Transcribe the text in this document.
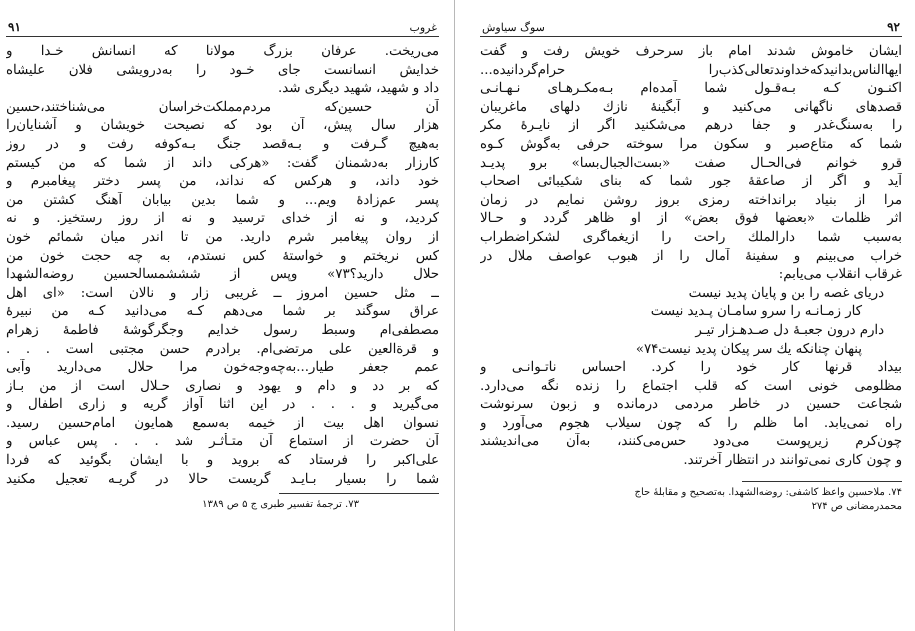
غروب
۹۱
می‌ریخت. عرفان بزرگ مولانا که انسانش خـدا و
خدایش انسانست جای خـود را به‌درویشی فلان علیشاه
داد و شهید، شهید دیگری شد.
آن حسین‌که مردم‌مملکت‌خراسان می‌شناختند،حسین
هزار سال پیش، آن بود که نصیحت خویشان و آشنایان‌را
به‌هیچ گـرفت و بـه‌قصد جنگ بـه‌کوفه رفت و در روز
کارزار به‌دشمنان گفت: «هرکی داند از شما که من کیستم
خود داند، و هرکس که نداند، من پسر دختر پیغامبرم و
پسر عم‌زادهٔ ویم... و شما بدین بیابان آهنگ کشتن من
کردید، و نه از خدای ترسید و نه از روز رستخیز. و نه
از روان پیغامبر شرم دارید. من تا اندر میان شمائم خون
کس نریختم و خواستهٔ کس نستدم، به چه حجت خون من
حلال دارید؟۷۳» وپس از شششمسالحسین روضه‌الشهدا
ــ مثل حسین امروز ــ غریبی زار و نالان است: «ای اهل
عراق سوگند بر شما می‌دهم کـه می‌دانید کـه من نبیرهٔ
مصطفی‌ام وسبط رسول خدایم وجگرگوشهٔ فاطمهٔ زهرام
و قرةالعین علی مرتضی‌ام. برادرم حسن مجتبی است . . .
عمم جعفر طیار...به‌چه‌وجه‌خون مرا حلال می‌دارید وآبی
که بر دد و دام و یهود و نصاری حـلال است از من بـاز
می‌گیرید و . . . در این اثنا آواز گریه و زاری اطفال و
نسوان اهل بیت از خیمه به‌سمع همایون امام‌حسین رسید.
آن حضرت از استماع آن متـأثـر شد . . . پس عباس و
علی‌اکبر را فرستاد که بروید و با ایشان بگوئید که فردا
شما را بسیار بـایـد گریست حالا در گریـه تعجیل مکنید
۷۳. ترجمهٔ تفسیر طبری ج ۵ ص ۱۳۸۹
۹۲
سوگ سیاوش
ایشان خاموش شدند امام باز سرحرف خویش رفت و گفت
ایهاالناس‌بدانیدکه‌خداوندتعالی‌کذب‌را حرام‌گردانیده...
اکنـون کـه بـه‌قـول شما آمده‌ام بـه‌مکـرهـای نـهـانـی
قصدهای ناگهانی می‌کنید و آبگینهٔ نازك دلهای ماغریبان
را به‌سنگ‌غدر و جفا درهم می‌شکنید اگر از نایـرهٔ مکر
شما که متاع‌صبر و سکون مرا سوخته حرفی به‌گوش کـوه
قرو خوانم فی‌الحـال صفت «بست‌الجبال‌بسا» برو پدیـد
آید و اگر از صاعقهٔ جور شما که بنای شکیبائی اصحاب
مرا از بنیاد برانداخته رمزی بروز روشن نمایم در زمان
اثر ظلمات «بعضها فوق بعض» از او ظاهر گردد و حـالا
به‌سبب شما دارالملك راحت را ازیغماگری لشکراضطراب
خراب می‌بینم و سفینهٔ آمال را از هبوب عواصف ملال در
غرقاب انقلاب می‌یابم:
دریای غصه را بن و پایان پدید نیست
کار زمـانـه را سرو سامـان پـدید نیست
دارم درون جعبـهٔ دل صـدهـزار تیـر
پنهان چنانکه یك سر پیکان پدید نیست۷۴»
بیداد قرنها کار خود را کرد. احساس ناتـوانـی و
مظلومی خونی است که قلب اجتماع را زنده نگه می‌دارد.
شجاعت حسین در خاطر مردمی درمانده و زبون سرنوشت
راه نمی‌یابد. اما ظلم را که چون سیلاب هجوم می‌آورد و
چون‌کرم زیرپوست می‌دود حس‌می‌کنند، به‌آن می‌اندیشند
و چون کاری نمی‌توانند در انتظار آخرتند.
۷۴. ملاحسین واعظ کاشفی: روضه‌الشهدا. به‌تصحیح و مقابلهٔ حاج
محمدرمضانی ص ۲۷۴
